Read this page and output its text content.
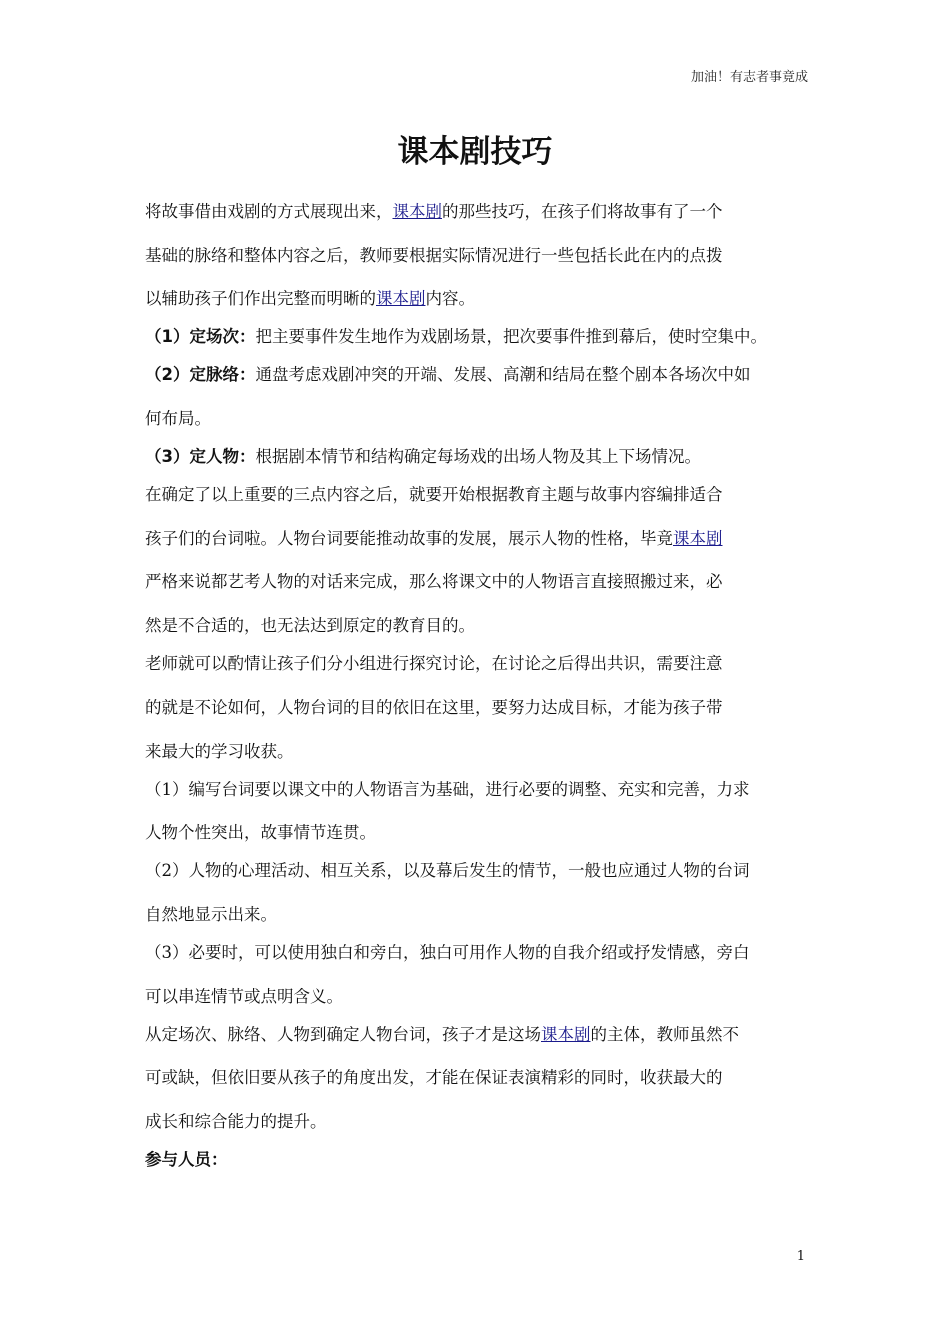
加油！有志者事竟成
课本剧技巧

将故事借由戏剧的方式展现出来，课本剧的那些技巧，在孩子们将故事有了一个
基础的脉络和整体内容之后，教师要根据实际情况进行一些包括长此在内的点拨
以辅助孩子们作出完整而明晰的课本剧内容。

（1）定场次：把主要事件发生地作为戏剧场景，把次要事件推到幕后，使时空集中。

（2）定脉络：通盘考虑戏剧冲突的开端、发展、高潮和结局在整个剧本各场次中如
何布局。

（3）定人物：根据剧本情节和结构确定每场戏的出场人物及其上下场情况。

在确定了以上重要的三点内容之后，就要开始根据教育主题与故事内容编排适合
孩子们的台词啦。人物台词要能推动故事的发展，展示人物的性格，毕竟课本剧
严格来说都艺考人物的对话来完成，那么将课文中的人物语言直接照搬过来，必
然是不合适的，也无法达到原定的教育目的。

老师就可以酌情让孩子们分小组进行探究讨论，在讨论之后得出共识，需要注意
的就是不论如何，人物台词的目的依旧在这里，要努力达成目标，才能为孩子带
来最大的学习收获。

（1）编写台词要以课文中的人物语言为基础，进行必要的调整、充实和完善，力求
人物个性突出，故事情节连贯。

（2）人物的心理活动、相互关系，以及幕后发生的情节，一般也应通过人物的台词
自然地显示出来。

（3）必要时，可以使用独白和旁白，独白可用作人物的自我介绍或抒发情感，旁白
可以串连情节或点明含义。

从定场次、脉络、人物到确定人物台词，孩子才是这场课本剧的主体，教师虽然不
可或缺，但依旧要从孩子的角度出发，才能在保证表演精彩的同时，收获最大的
成长和综合能力的提升。

参与人员：

1
